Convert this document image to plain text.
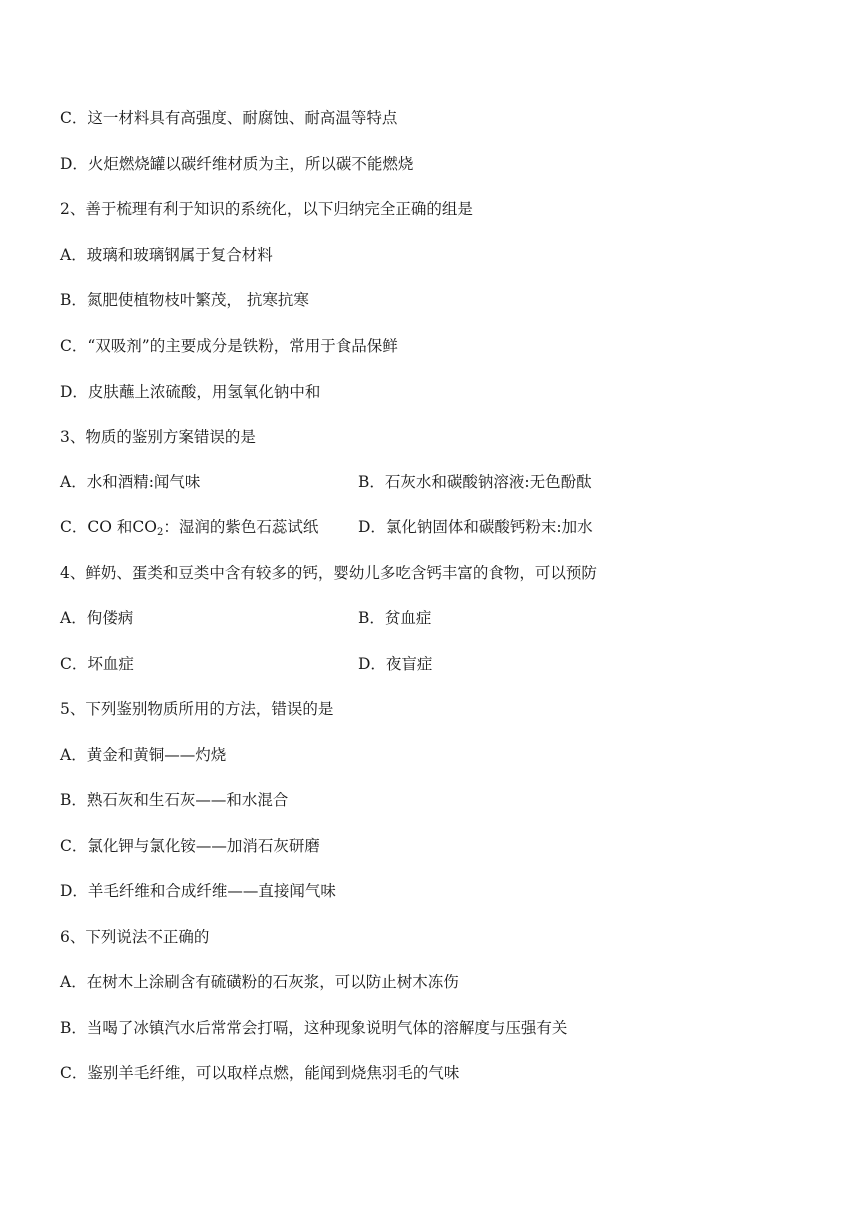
C．这一材料具有高强度、耐腐蚀、耐高温等特点
D．火炬燃烧罐以碳纤维材质为主，所以碳不能燃烧
2、善于梳理有利于知识的系统化，以下归纳完全正确的组是
A．玻璃和玻璃钢属于复合材料
B．氮肥使植物枝叶繁茂， 抗寒抗寒
C．“双吸剂”的主要成分是铁粉，常用于食品保鲜
D．皮肤蘸上浓硫酸，用氢氧化钠中和
3、物质的鉴别方案错误的是
A．水和酒精:闻气味	B．石灰水和碳酸钠溶液:无色酚酞
C．CO 和$CO_2$：湿润的紫色石蕊试纸	D．氯化钠固体和碳酸钙粉末:加水
4、鲜奶、蛋类和豆类中含有较多的钙，婴幼儿多吃含钙丰富的食物，可以预防
A．佝偻病	B．贫血症
C．坏血症	D．夜盲症
5、下列鉴别物质所用的方法，错误的是
A．黄金和黄铜——灼烧
B．熟石灰和生石灰——和水混合
C．氯化钾与氯化铵——加消石灰研磨
D．羊毛纤维和合成纤维——直接闻气味
6、下列说法不正确的
A．在树木上涂刷含有硫磺粉的石灰浆，可以防止树木冻伤
B．当喝了冰镇汽水后常常会打嗝，这种现象说明气体的溶解度与压强有关
C．鉴别羊毛纤维，可以取样点燃，能闻到烧焦羽毛的气味
